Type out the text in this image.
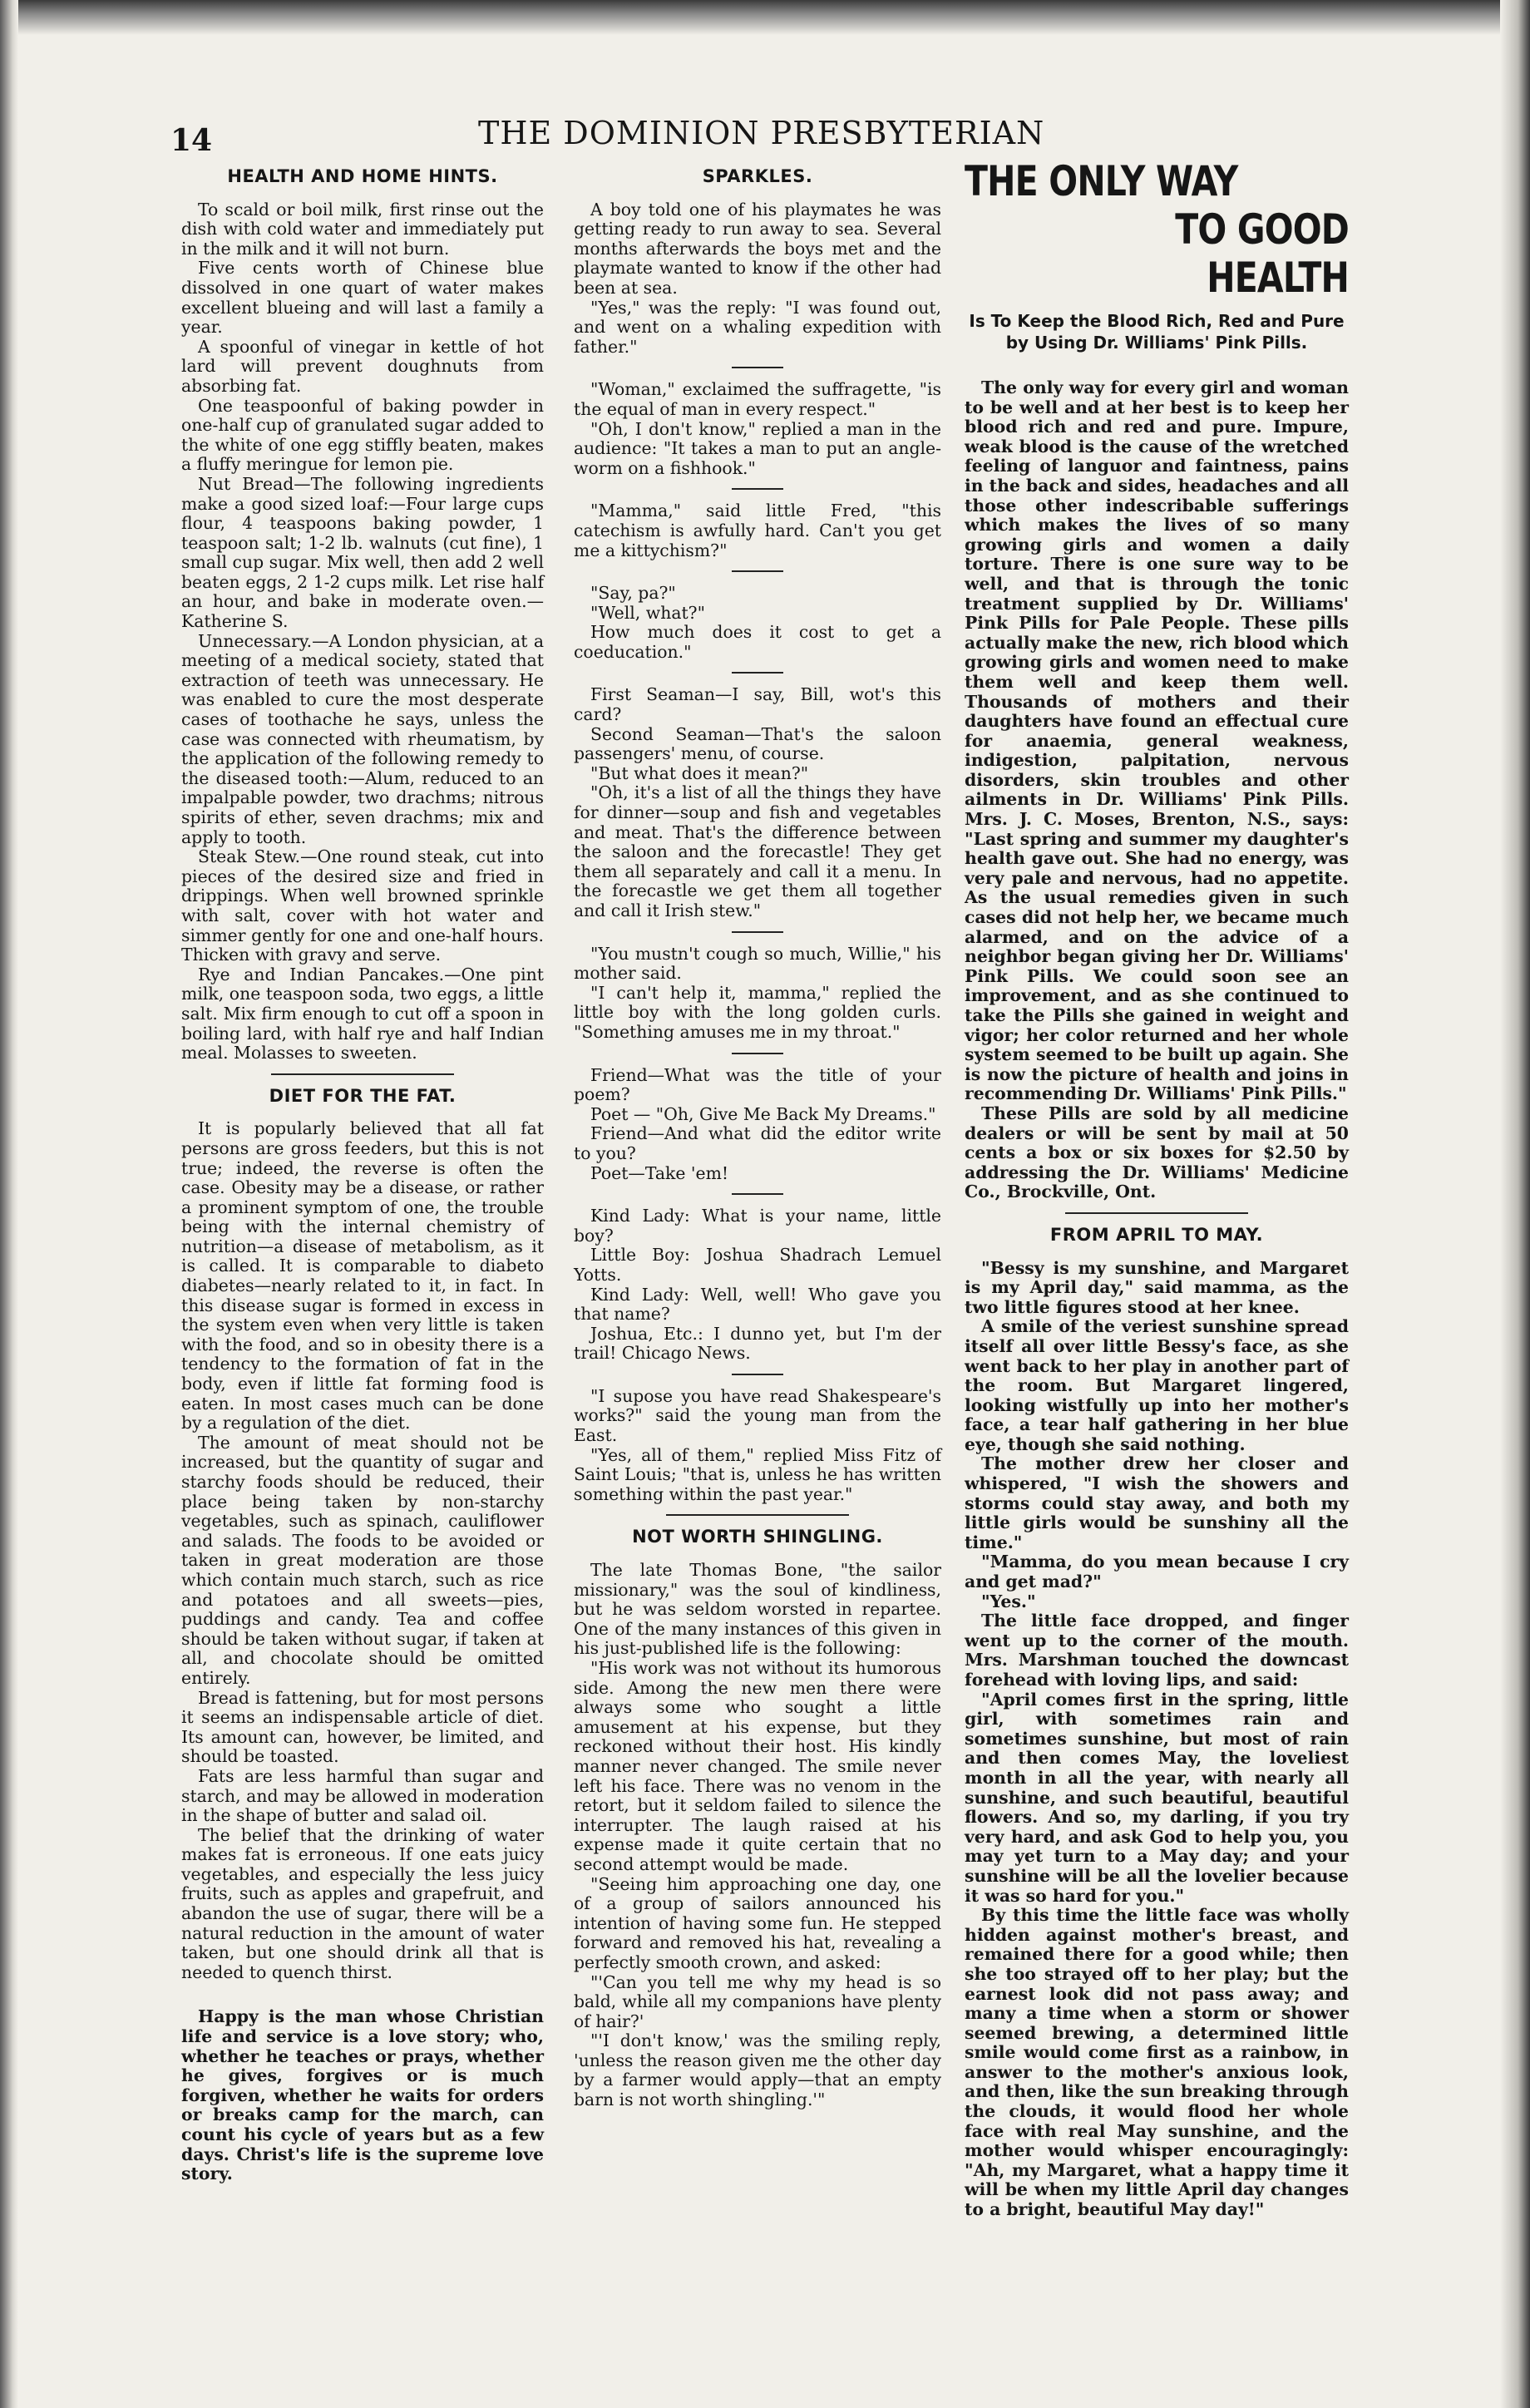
14	THE DOMINION PRESBYTERIAN
HEALTH AND HOME HINTS.

To scald or boil milk, first rinse out the dish with cold water and immediately put in the milk and it will not burn.

Five cents worth of Chinese blue dissolved in one quart of water makes excellent blueing and will last a family a year.

A spoonful of vinegar in kettle of hot lard will prevent doughnuts from absorbing fat.

One teaspoonful of baking powder in one-half cup of granulated sugar added to the white of one egg stiffly beaten, makes a fluffy meringue for lemon pie.

Nut Bread—The following ingredients make a good sized loaf:—Four large cups flour, 4 teaspoons baking powder, 1 teaspoon salt; 1-2 lb. walnuts (cut fine), 1 small cup sugar. Mix well, then add 2 well beaten eggs, 2 1-2 cups milk. Let rise half an hour, and bake in moderate oven.—Katherine S.

Unnecessary.—A London physician, at a meeting of a medical society, stated that extraction of teeth was unnecessary. He was enabled to cure the most desperate cases of toothache he says, unless the case was connected with rheumatism, by the application of the following remedy to the diseased tooth:—Alum, reduced to an impalpable powder, two drachms; nitrous spirits of ether, seven drachms; mix and apply to tooth.

Steak Stew.—One round steak, cut into pieces of the desired size and fried in drippings. When well browned sprinkle with salt, cover with hot water and simmer gently for one and one-half hours. Thicken with gravy and serve.

Rye and Indian Pancakes.—One pint milk, one teaspoon soda, two eggs, a little salt. Mix firm enough to cut off a spoon in boiling lard, with half rye and half Indian meal. Molasses to sweeten.

DIET FOR THE FAT.

It is popularly believed that all fat persons are gross feeders, but this is not true; indeed, the reverse is often the case. Obesity may be a disease, or rather a prominent symptom of one, the trouble being with the internal chemistry of nutrition—a disease of metabolism, as it is called. It is comparable to diabeto diabetes—nearly related to it, in fact. In this disease sugar is formed in excess in the system even when very little is taken with the food, and so in obesity there is a tendency to the formation of fat in the body, even if little fat forming food is eaten. In most cases much can be done by a regulation of the diet.

The amount of meat should not be increased, but the quantity of sugar and starchy foods should be reduced, their place being taken by non-starchy vegetables, such as spinach, cauliflower and salads. The foods to be avoided or taken in great moderation are those which contain much starch, such as rice and potatoes and all sweets—pies, puddings and candy. Tea and coffee should be taken without sugar, if taken at all, and chocolate should be omitted entirely.

Bread is fattening, but for most persons it seems an indispensable article of diet. Its amount can, however, be limited, and should be toasted.

Fats are less harmful than sugar and starch, and may be allowed in moderation in the shape of butter and salad oil.

The belief that the drinking of water makes fat is erroneous. If one eats juicy vegetables, and especially the less juicy fruits, such as apples and grapefruit, and abandon the use of sugar, there will be a natural reduction in the amount of water taken, but one should drink all that is needed to quench thirst.

Happy is the man whose Christian life and service is a love story; who, whether he teaches or prays, whether he gives, forgives or is much forgiven, whether he waits for orders or breaks camp for the march, can count his cycle of years but as a few days. Christ's life is the supreme love story.

SPARKLES.

A boy told one of his playmates he was getting ready to run away to sea. Several months afterwards the boys met and the playmate wanted to know if the other had been at sea.

"Yes," was the reply: "I was found out, and went on a whaling expedition with father."

"Woman," exclaimed the suffragette, "is the equal of man in every respect."

"Oh, I don't know," replied a man in the audience: "It takes a man to put an angle-worm on a fishhook."

"Mamma," said little Fred, "this catechism is awfully hard. Can't you get me a kittychism?"

"Say, pa?"

"Well, what?"

How much does it cost to get a coeducation."

First Seaman—I say, Bill, wot's this card?

Second Seaman—That's the saloon passengers' menu, of course.

"But what does it mean?"

"Oh, it's a list of all the things they have for dinner—soup and fish and vegetables and meat. That's the difference between the saloon and the forecastle! They get them all separately and call it a menu. In the forecastle we get them all together and call it Irish stew."

"You mustn't cough so much, Willie," his mother said.

"I can't help it, mamma," replied the little boy with the long golden curls. "Something amuses me in my throat."

Friend—What was the title of your poem?

Poet — "Oh, Give Me Back My Dreams."

Friend—And what did the editor write to you?

Poet—Take 'em!

Kind Lady: What is your name, little boy?

Little Boy: Joshua Shadrach Lemuel Yotts.

Kind Lady: Well, well! Who gave you that name?

Joshua, Etc.: I dunno yet, but I'm der trail! Chicago News.

"I supose you have read Shakespeare's works?" said the young man from the East.

"Yes, all of them," replied Miss Fitz of Saint Louis; "that is, unless he has written something within the past year."

NOT WORTH SHINGLING.

The late Thomas Bone, "the sailor missionary," was the soul of kindliness, but he was seldom worsted in repartee. One of the many instances of this given in his just-published life is the following:

"His work was not without its humorous side. Among the new men there were always some who sought a little amusement at his expense, but they reckoned without their host. His kindly manner never changed. The smile never left his face. There was no venom in the retort, but it seldom failed to silence the interrupter. The laugh raised at his expense made it quite certain that no second attempt would be made.

"Seeing him approaching one day, one of a group of sailors announced his intention of having some fun. He stepped forward and removed his hat, revealing a perfectly smooth crown, and asked:

"'Can you tell me why my head is so bald, while all my companions have plenty of hair?'

"'I don't know,' was the smiling reply, 'unless the reason given me the other day by a farmer would apply—that an empty barn is not worth shingling.'"

THE ONLY WAY
TO GOOD HEALTH
Is To Keep the Blood Rich, Red and Pure by Using Dr. Williams' Pink Pills.

The only way for every girl and woman to be well and at her best is to keep her blood rich and red and pure. Impure, weak blood is the cause of the wretched feeling of languor and faintness, pains in the back and sides, headaches and all those other indescribable sufferings which makes the lives of so many growing girls and women a daily torture. There is one sure way to be well, and that is through the tonic treatment supplied by Dr. Williams' Pink Pills for Pale People. These pills actually make the new, rich blood which growing girls and women need to make them well and keep them well. Thousands of mothers and their daughters have found an effectual cure for anaemia, general weakness, indigestion, palpitation, nervous disorders, skin troubles and other ailments in Dr. Williams' Pink Pills. Mrs. J. C. Moses, Brenton, N.S., says: "Last spring and summer my daughter's health gave out. She had no energy, was very pale and nervous, had no appetite. As the usual remedies given in such cases did not help her, we became much alarmed, and on the advice of a neighbor began giving her Dr. Williams' Pink Pills. We could soon see an improvement, and as she continued to take the Pills she gained in weight and vigor; her color returned and her whole system seemed to be built up again. She is now the picture of health and joins in recommending Dr. Williams' Pink Pills."

These Pills are sold by all medicine dealers or will be sent by mail at 50 cents a box or six boxes for $2.50 by addressing the Dr. Williams' Medicine Co., Brockville, Ont.

FROM APRIL TO MAY.

"Bessy is my sunshine, and Margaret is my April day," said mamma, as the two little figures stood at her knee.

A smile of the veriest sunshine spread itself all over little Bessy's face, as she went back to her play in another part of the room. But Margaret lingered, looking wistfully up into her mother's face, a tear half gathering in her blue eye, though she said nothing.

The mother drew her closer and whispered, "I wish the showers and storms could stay away, and both my little girls would be sunshiny all the time."

"Mamma, do you mean because I cry and get mad?"

"Yes."

The little face dropped, and finger went up to the corner of the mouth. Mrs. Marshman touched the downcast forehead with loving lips, and said:

"April comes first in the spring, little girl, with sometimes rain and sometimes sunshine, but most of rain and then comes May, the loveliest month in all the year, with nearly all sunshine, and such beautiful, beautiful flowers. And so, my darling, if you try very hard, and ask God to help you, you may yet turn to a May day; and your sunshine will be all the lovelier because it was so hard for you."

By this time the little face was wholly hidden against mother's breast, and remained there for a good while; then she too strayed off to her play; but the earnest look did not pass away; and many a time when a storm or shower seemed brewing, a determined little smile would come first as a rainbow, in answer to the mother's anxious look, and then, like the sun breaking through the clouds, it would flood her whole face with real May sunshine, and the mother would whisper encouragingly: "Ah, my Margaret, what a happy time it will be when my little April day changes to a bright, beautiful May day!"
